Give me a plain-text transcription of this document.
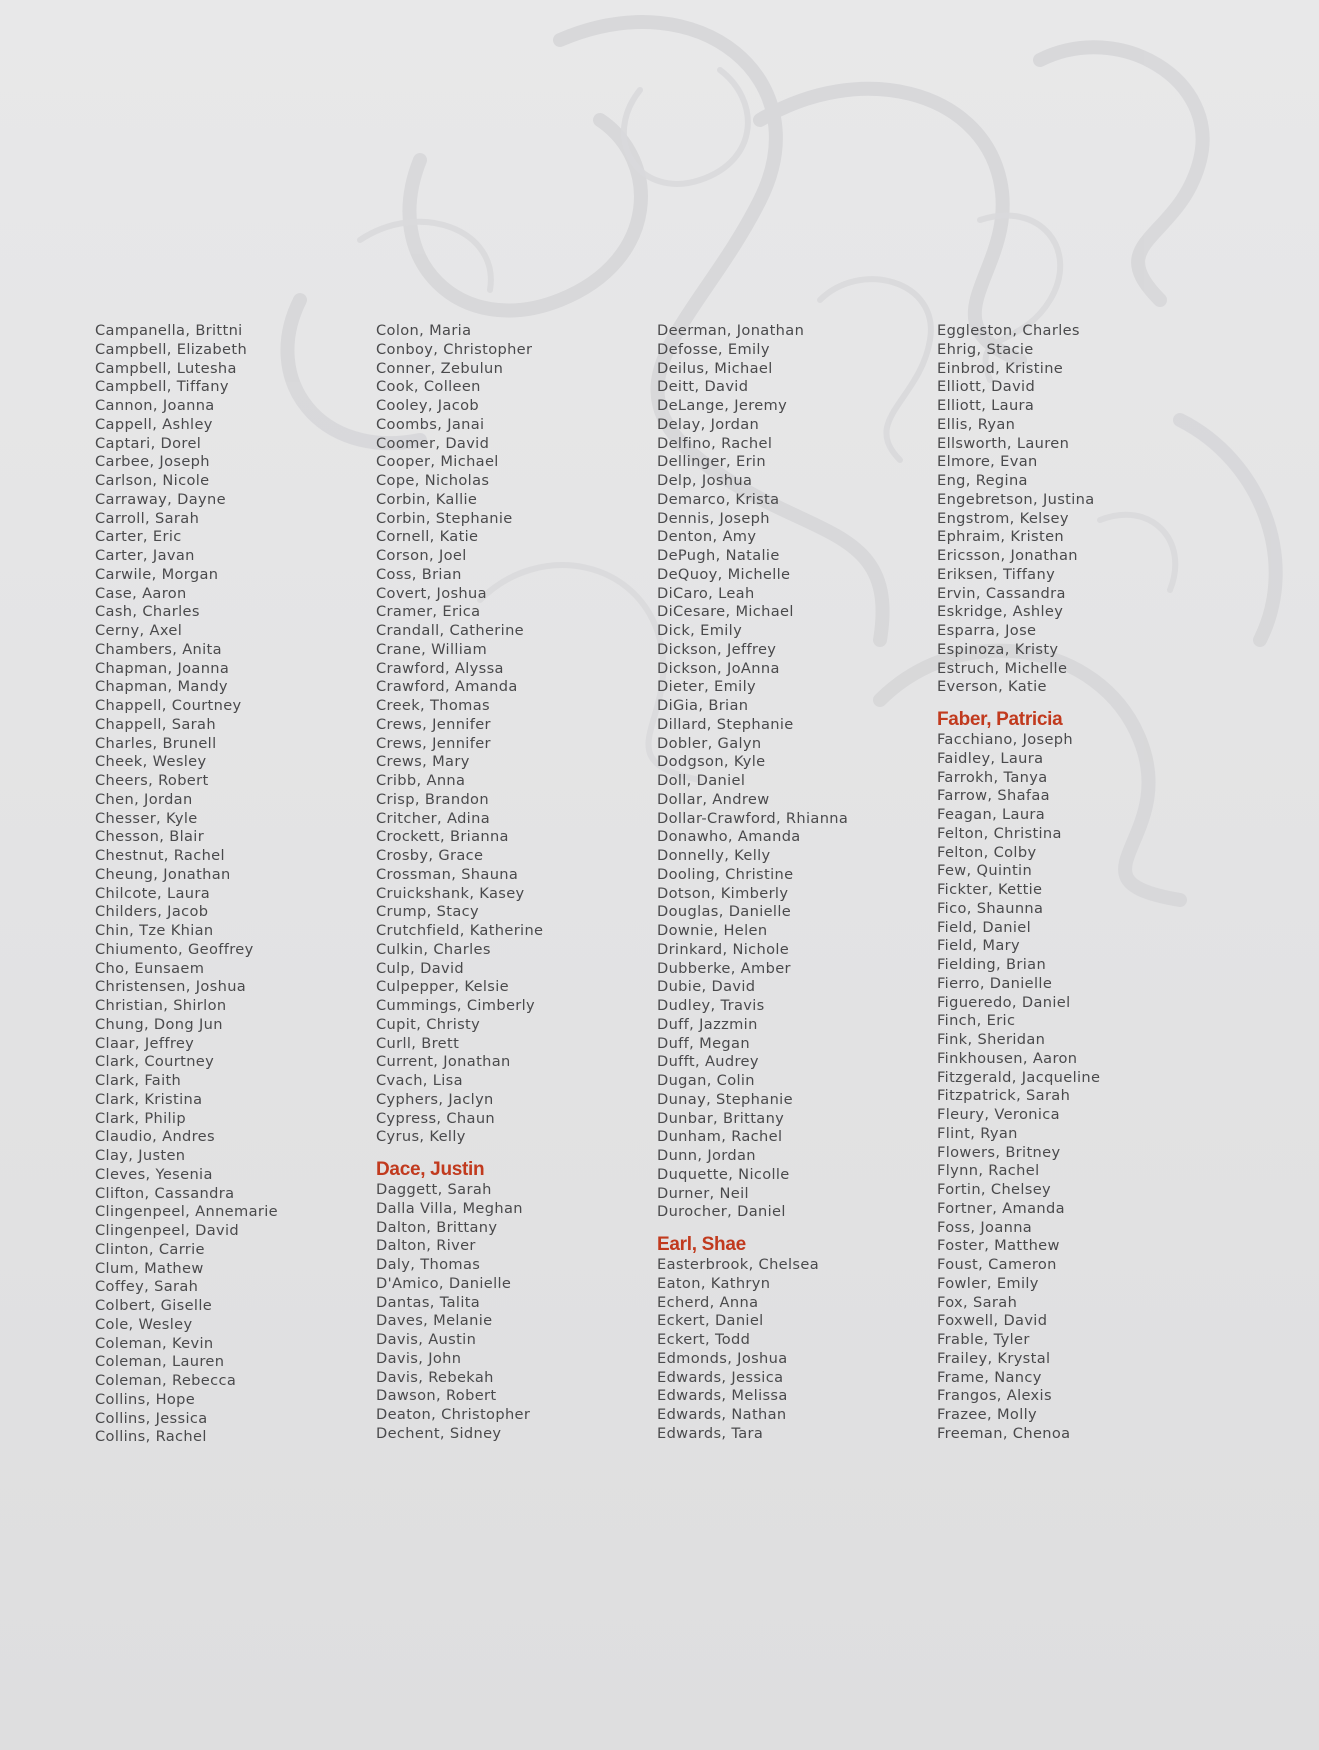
Campanella, Brittni
Campbell, Elizabeth
Campbell, Lutesha
Campbell, Tiffany
Cannon, Joanna
Cappell, Ashley
Captari, Dorel
Carbee, Joseph
Carlson, Nicole
Carraway, Dayne
Carroll, Sarah
Carter, Eric
Carter, Javan
Carwile, Morgan
Case, Aaron
Cash, Charles
Cerny, Axel
Chambers, Anita
Chapman, Joanna
Chapman, Mandy
Chappell, Courtney
Chappell, Sarah
Charles, Brunell
Cheek, Wesley
Cheers, Robert
Chen, Jordan
Chesser, Kyle
Chesson, Blair
Chestnut, Rachel
Cheung, Jonathan
Chilcote, Laura
Childers, Jacob
Chin, Tze Khian
Chiumento, Geoffrey
Cho, Eunsaem
Christensen, Joshua
Christian, Shirlon
Chung, Dong Jun
Claar, Jeffrey
Clark, Courtney
Clark, Faith
Clark, Kristina
Clark, Philip
Claudio, Andres
Clay, Justen
Cleves, Yesenia
Clifton, Cassandra
Clingenpeel, Annemarie
Clingenpeel, David
Clinton, Carrie
Clum, Mathew
Coffey, Sarah
Colbert, Giselle
Cole, Wesley
Coleman, Kevin
Coleman, Lauren
Coleman, Rebecca
Collins, Hope
Collins, Jessica
Collins, Rachel
Colon, Maria
Conboy, Christopher
Conner, Zebulun
Cook, Colleen
Cooley, Jacob
Coombs, Janai
Coomer, David
Cooper, Michael
Cope, Nicholas
Corbin, Kallie
Corbin, Stephanie
Cornell, Katie
Corson, Joel
Coss, Brian
Covert, Joshua
Cramer, Erica
Crandall, Catherine
Crane, William
Crawford, Alyssa
Crawford, Amanda
Creek, Thomas
Crews, Jennifer
Crews, Jennifer
Crews, Mary
Cribb, Anna
Crisp, Brandon
Critcher, Adina
Crockett, Brianna
Crosby, Grace
Crossman, Shauna
Cruickshank, Kasey
Crump, Stacy
Crutchfield, Katherine
Culkin, Charles
Culp, David
Culpepper, Kelsie
Cummings, Cimberly
Cupit, Christy
Curll, Brett
Current, Jonathan
Cvach, Lisa
Cyphers, Jaclyn
Cypress, Chaun
Cyrus, Kelly
Dace, Justin
Daggett, Sarah
Dalla Villa, Meghan
Dalton, Brittany
Dalton, River
Daly, Thomas
D'Amico, Danielle
Dantas, Talita
Daves, Melanie
Davis, Austin
Davis, John
Davis, Rebekah
Dawson, Robert
Deaton, Christopher
Dechent, Sidney
Deerman, Jonathan
Defosse, Emily
Deilus, Michael
Deitt, David
DeLange, Jeremy
Delay, Jordan
Delfino, Rachel
Dellinger, Erin
Delp, Joshua
Demarco, Krista
Dennis, Joseph
Denton, Amy
DePugh, Natalie
DeQuoy, Michelle
DiCaro, Leah
DiCesare, Michael
Dick, Emily
Dickson, Jeffrey
Dickson, JoAnna
Dieter, Emily
DiGia, Brian
Dillard, Stephanie
Dobler, Galyn
Dodgson, Kyle
Doll, Daniel
Dollar, Andrew
Dollar-Crawford, Rhianna
Donawho, Amanda
Donnelly, Kelly
Dooling, Christine
Dotson, Kimberly
Douglas, Danielle
Downie, Helen
Drinkard, Nichole
Dubberke, Amber
Dubie, David
Dudley, Travis
Duff, Jazzmin
Duff, Megan
Dufft, Audrey
Dugan, Colin
Dunay, Stephanie
Dunbar, Brittany
Dunham, Rachel
Dunn, Jordan
Duquette, Nicolle
Durner, Neil
Durocher, Daniel
Earl, Shae
Easterbrook, Chelsea
Eaton, Kathryn
Echerd, Anna
Eckert, Daniel
Eckert, Todd
Edmonds, Joshua
Edwards, Jessica
Edwards, Melissa
Edwards, Nathan
Edwards, Tara
Eggleston, Charles
Ehrig, Stacie
Einbrod, Kristine
Elliott, David
Elliott, Laura
Ellis, Ryan
Ellsworth, Lauren
Elmore, Evan
Eng, Regina
Engebretson, Justina
Engstrom, Kelsey
Ephraim, Kristen
Ericsson, Jonathan
Eriksen, Tiffany
Ervin, Cassandra
Eskridge, Ashley
Esparra, Jose
Espinoza, Kristy
Estruch, Michelle
Everson, Katie
Faber, Patricia
Facchiano, Joseph
Faidley, Laura
Farrokh, Tanya
Farrow, Shafaa
Feagan, Laura
Felton, Christina
Felton, Colby
Few, Quintin
Fickter, Kettie
Fico, Shaunna
Field, Daniel
Field, Mary
Fielding, Brian
Fierro, Danielle
Figueredo, Daniel
Finch, Eric
Fink, Sheridan
Finkhousen, Aaron
Fitzgerald, Jacqueline
Fitzpatrick, Sarah
Fleury, Veronica
Flint, Ryan
Flowers, Britney
Flynn, Rachel
Fortin, Chelsey
Fortner, Amanda
Foss, Joanna
Foster, Matthew
Foust, Cameron
Fowler, Emily
Fox, Sarah
Foxwell, David
Frable, Tyler
Frailey, Krystal
Frame, Nancy
Frangos, Alexis
Frazee, Molly
Freeman, Chenoa
